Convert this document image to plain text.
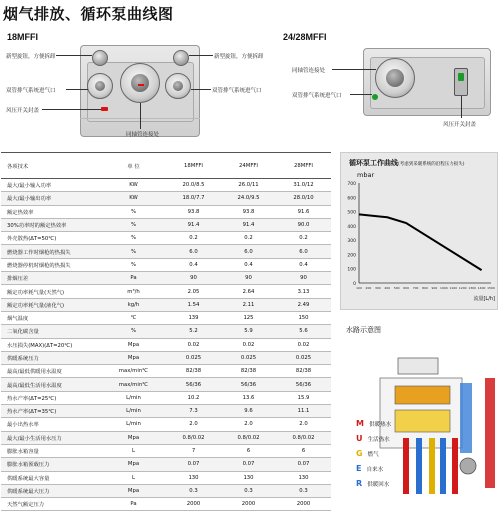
烟气排放、循环泵曲线图
18MFFI
新型旋钮，方便拆卸	新型旋钮，方便拆卸
双管排气系统进气口	双管排气系统进气口
风压开关封盖
同轴管连接处
24/28MFFI
同轴管连接处
双管排气系统进气口
风压开关封盖
各项技术	单 位	18MFFI	24MFFI	28MFFI
最大/最小输入功率	KW	20.0/8.5	26.0/11	31.0/12
最大/最小输出功率	KW	18.0/7.7	24.0/9.5	28.0/10
额定热效率	%	93.8	93.8	91.6
30%功率时的额定热效率	%	91.4	91.4	90.0
外壳散热(ΔT=50℃)	%	0.2	0.2	0.2
燃烧器工作时烟枪的热损失	%	6.0	6.0	6.0
燃烧器停机时烟枪的热损失	%	0.4	0.4	0.4
排烟压差	Pa	90	90	90
额定功率耗气量(天然气)	m³/h	2.05	2.64	3.13
额定功率耗气量(液化气)	kg/h	1.54	2.11	2.49
烟气温度	℃	139	125	150
二氧化碳含量	%	5.2	5.9	5.6
水压损失(MAX)(ΔT=20℃)	Mpa	0.02	0.02	0.02
供暖系统压力	Mpa	0.025	0.025	0.025
最高/最低供暖用水温度	max/min℃	82/38	82/38	82/38
最高/最低生活用水温度	max/min℃	56/36	56/36	56/36
热水产率(ΔT=25℃)	L/min	10.2	13.6	15.9
热水产率(ΔT=35℃)	L/min	7.3	9.6	11.1
最小出热水率	L/min	2.0	2.0	2.0
最大/最小生活用水压力	Mpa	0.8/0.02	0.8/0.02	0.8/0.02
膨胀水箱容量	L	7	6	6
膨胀水箱预载压力	Mpa	0.07	0.07	0.07
供暖系统最大容量	L	130	130	130
供暖系统最大压力	Mpa	0.3	0.3	0.3
天然气额定压力	Pa	2000	2000	2000
循环泵工作曲线(考虑到采暖系统的沿程压力损失)
mbar
0
100
200
300
400
500
600
700
100 200 300 400 500 600 700 800 900 1000 1100 1200 1300 1400 1500
流量[L/h]
水路示意图
M 供暖热水
U 生活热水
G 燃气
E 自来水
R 供暖回水
